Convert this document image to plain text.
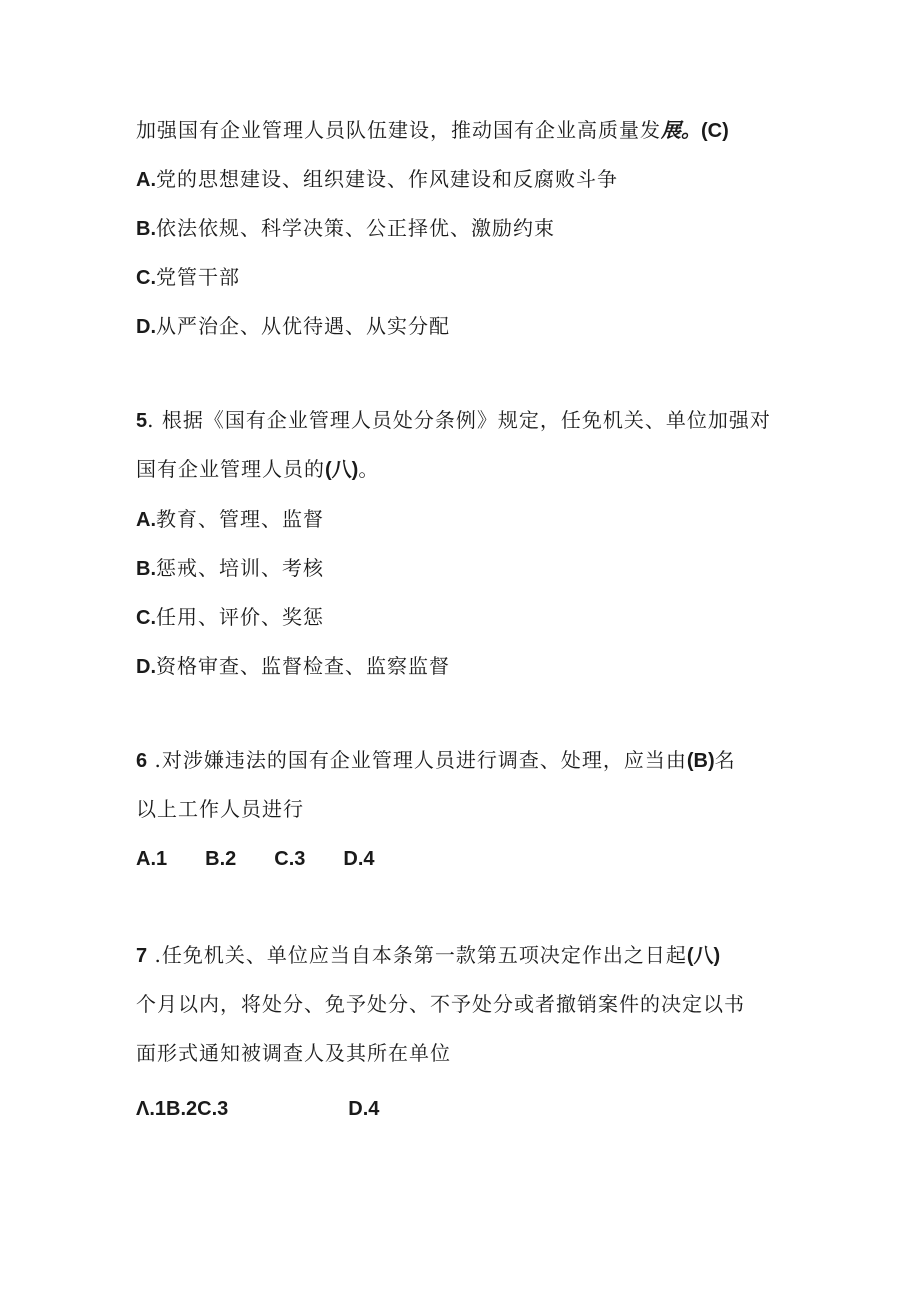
加强国有企业管理人员队伍建设，推动国有企业高质量发展。(C)
A.党的思想建设、组织建设、作风建设和反腐败斗争
B.依法依规、科学决策、公正择优、激励约束
C.党管干部
D.从严治企、从优待遇、从实分配
5. 根据《国有企业管理人员处分条例》规定，任免机关、单位加强对
国有企业管理人员的(八)。
A.教育、管理、监督
B.惩戒、培训、考核
C.任用、评价、奖惩
D.资格审查、监督检查、监察监督
6 .对涉嫌违法的国有企业管理人员进行调查、处理，应当由(B)名
以上工作人员进行
A.1 B.2 C.3 D.4
7 .任免机关、单位应当自本条第一款第五项决定作出之日起(八)
个月以内，将处分、免予处分、不予处分或者撤销案件的决定以书
面形式通知被调查人及其所在单位
Λ.1B.2C.3	D.4
